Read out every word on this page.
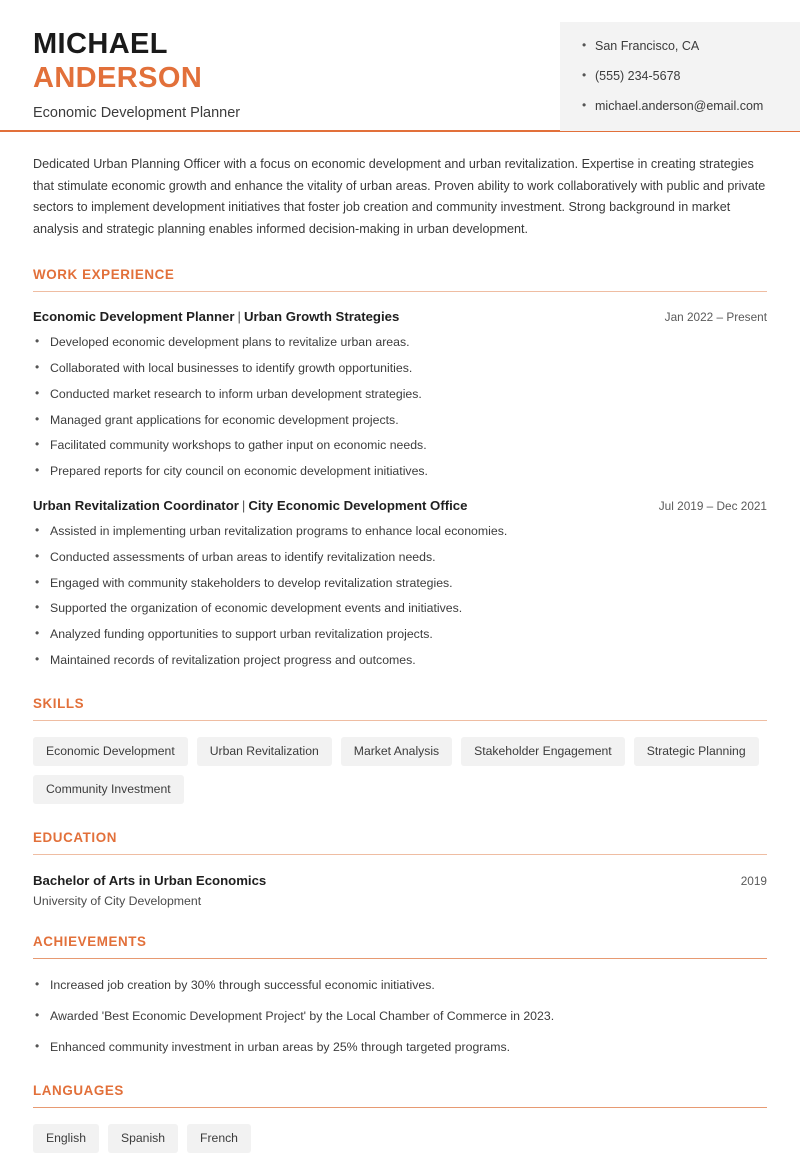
MICHAEL
ANDERSON
Economic Development Planner
• San Francisco, CA
• (555) 234-5678
• michael.anderson@email.com

Dedicated Urban Planning Officer with a focus on economic development and urban revitalization. Expertise in creating strategies that stimulate economic growth and enhance the vitality of urban areas. Proven ability to work collaboratively with public and private sectors to implement development initiatives that foster job creation and community investment. Strong background in market analysis and strategic planning enables informed decision-making in urban development.

WORK EXPERIENCE
Economic Development Planner | Urban Growth Strategies	Jan 2022 – Present
• Developed economic development plans to revitalize urban areas.
• Collaborated with local businesses to identify growth opportunities.
• Conducted market research to inform urban development strategies.
• Managed grant applications for economic development projects.
• Facilitated community workshops to gather input on economic needs.
• Prepared reports for city council on economic development initiatives.
Urban Revitalization Coordinator | City Economic Development Office	Jul 2019 – Dec 2021
• Assisted in implementing urban revitalization programs to enhance local economies.
• Conducted assessments of urban areas to identify revitalization needs.
• Engaged with community stakeholders to develop revitalization strategies.
• Supported the organization of economic development events and initiatives.
• Analyzed funding opportunities to support urban revitalization projects.
• Maintained records of revitalization project progress and outcomes.
SKILLS
Economic Development	Urban Revitalization	Market Analysis	Stakeholder Engagement	Strategic Planning
Community Investment
EDUCATION
Bachelor of Arts in Urban Economics	2019
University of City Development
ACHIEVEMENTS
• Increased job creation by 30% through successful economic initiatives.
• Awarded 'Best Economic Development Project' by the Local Chamber of Commerce in 2023.
• Enhanced community investment in urban areas by 25% through targeted programs.
LANGUAGES
English	Spanish	French
